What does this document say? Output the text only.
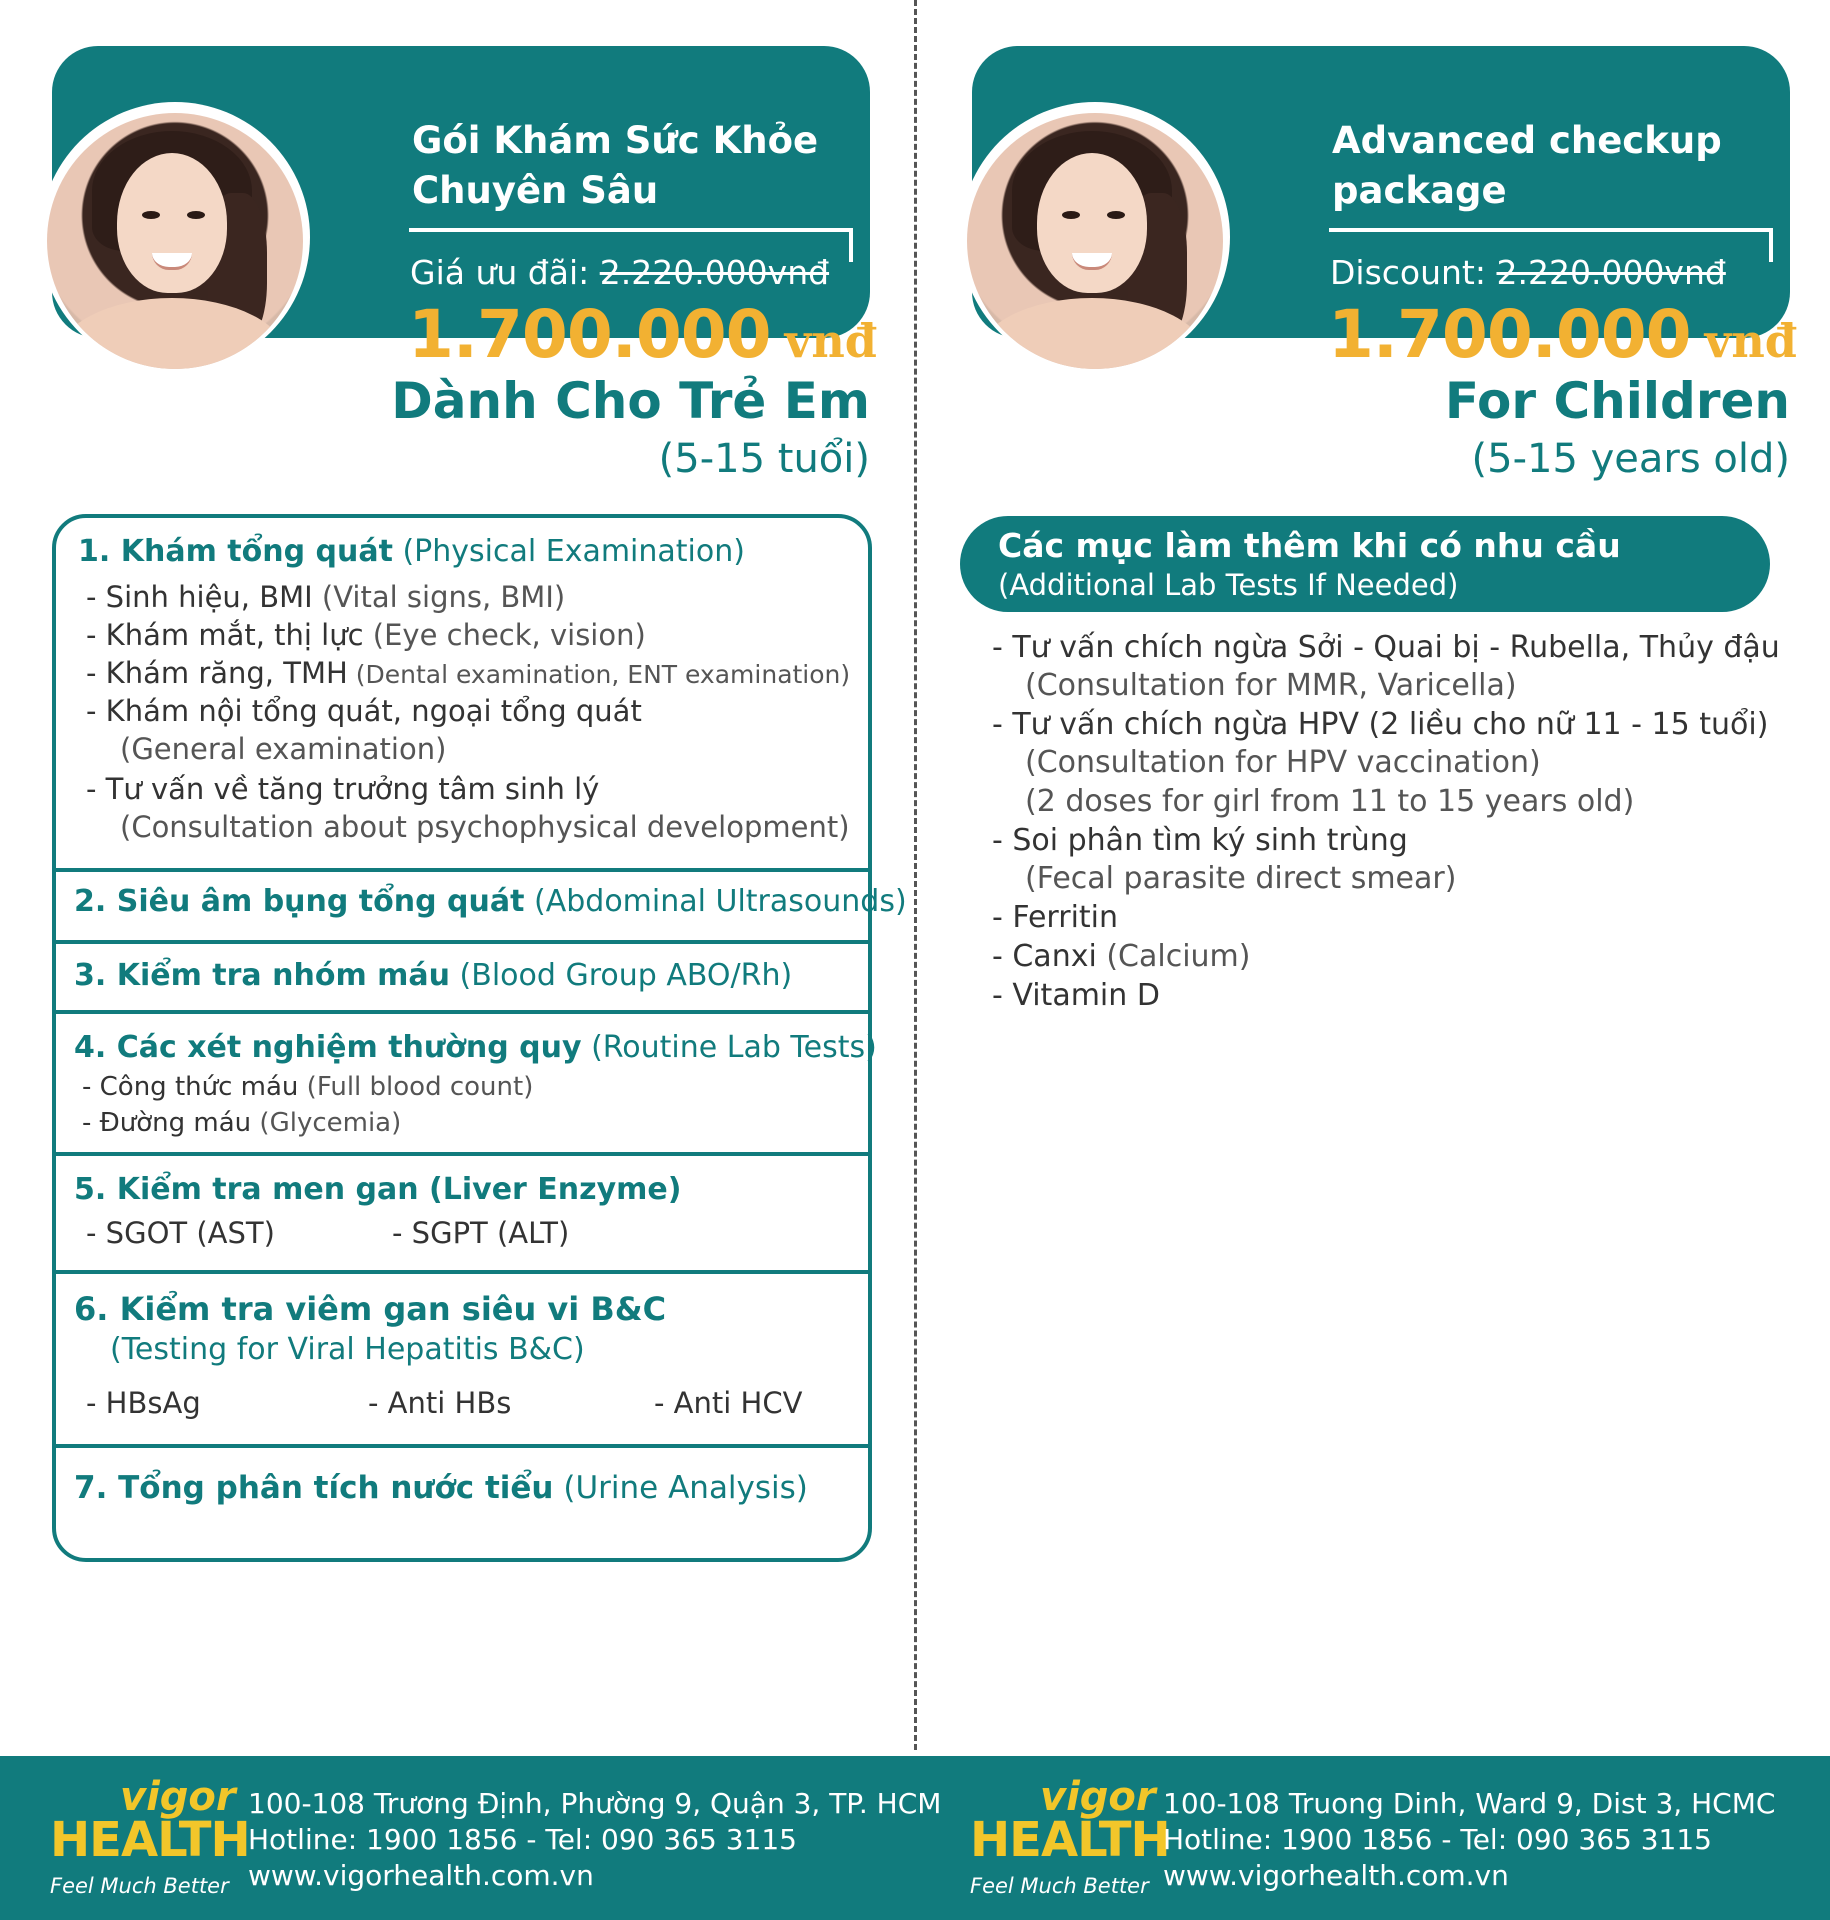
Gói Khám Sức Khỏe
Chuyên Sâu
Giá ưu đãi: 2.220.000vnđ
1.700.000 vnđ
Dành Cho Trẻ Em
(5-15 tuổi)
1. Khám tổng quát (Physical Examination)
- Sinh hiệu, BMI (Vital signs, BMI)
- Khám mắt, thị lực (Eye check, vision)
- Khám răng, TMH (Dental examination, ENT examination)
- Khám nội tổng quát, ngoại tổng quát
(General examination)
- Tư vấn về tăng trưởng tâm sinh lý
(Consultation about psychophysical development)
2. Siêu âm bụng tổng quát (Abdominal Ultrasounds)
3. Kiểm tra nhóm máu (Blood Group ABO/Rh)
4. Các xét nghiệm thường quy (Routine Lab Tests)
- Công thức máu (Full blood count)
- Đường máu (Glycemia)
5. Kiểm tra men gan (Liver Enzyme)
- SGOT (AST)	- SGPT (ALT)
6. Kiểm tra viêm gan siêu vi B&C
(Testing for Viral Hepatitis B&C)
- HBsAg	- Anti HBs	- Anti HCV
7. Tổng phân tích nước tiểu (Urine Analysis)
Advanced checkup
package
Discount: 2.220.000vnđ
1.700.000 vnđ
For Children
(5-15 years old)
Các mục làm thêm khi có nhu cầu
(Additional Lab Tests If Needed)
- Tư vấn chích ngừa Sởi - Quai bị - Rubella, Thủy đậu
(Consultation for MMR, Varicella)
- Tư vấn chích ngừa HPV (2 liều cho nữ 11 - 15 tuổi)
(Consultation for HPV vaccination)
(2 doses for girl from 11 to 15 years old)
- Soi phân tìm ký sinh trùng
(Fecal parasite direct smear)
- Ferritin
- Canxi (Calcium)
- Vitamin D
vigor
HEALTH
Feel Much Better
100-108 Trương Định, Phường 9, Quận 3, TP. HCM
Hotline: 1900 1856 - Tel: 090 365 3115
www.vigorhealth.com.vn
vigor
HEALTH
Feel Much Better
100-108 Truong Dinh, Ward 9, Dist 3, HCMC
Hotline: 1900 1856 - Tel: 090 365 3115
www.vigorhealth.com.vn
